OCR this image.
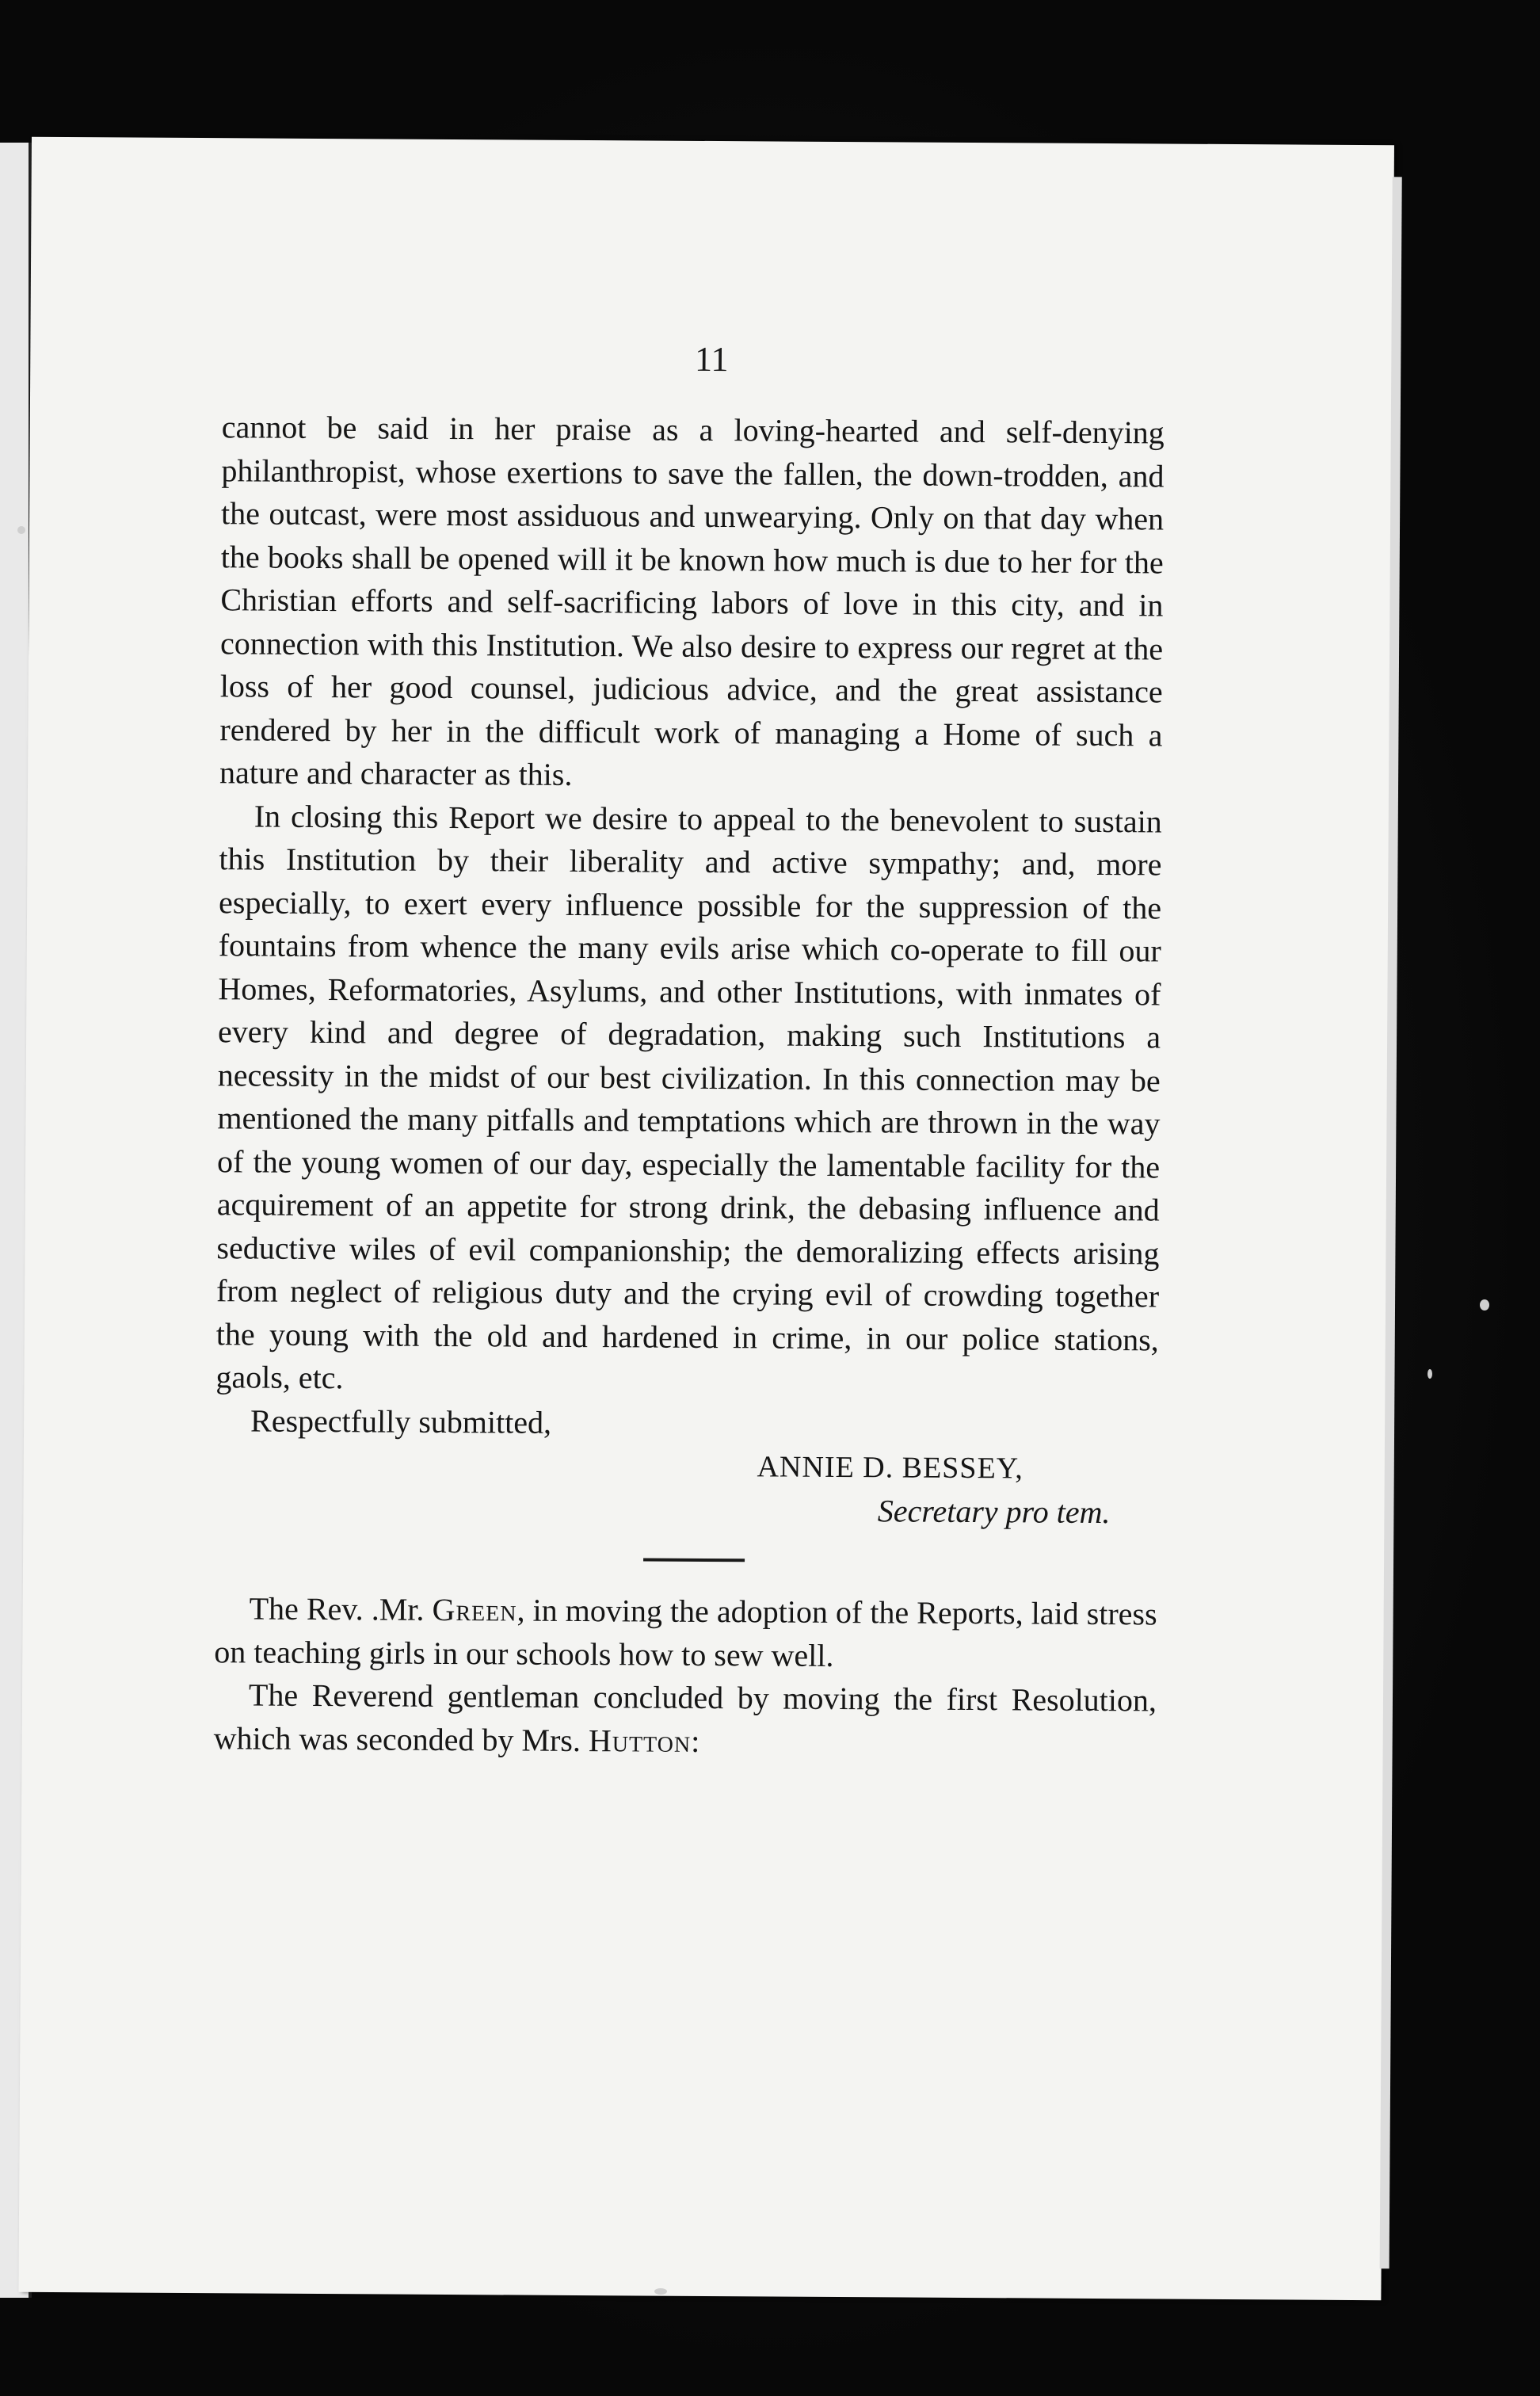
11

cannot be said in her praise as a loving-hearted and self-denying philanthropist, whose exertions to save the fallen, the down-trodden, and the outcast, were most assiduous and unwearying. Only on that day when the books shall be opened will it be known how much is due to her for the Christian efforts and self-sacrificing labors of love in this city, and in connection with this Institution. We also desire to express our regret at the loss of her good counsel, judicious advice, and the great assistance rendered by her in the difficult work of managing a Home of such a nature and character as this.

In closing this Report we desire to appeal to the benevolent to sustain this Institution by their liberality and active sympathy; and, more especially, to exert every influence possible for the suppression of the fountains from whence the many evils arise which co-operate to fill our Homes, Reformatories, Asylums, and other Institutions, with inmates of every kind and degree of degradation, making such Institutions a necessity in the midst of our best civilization. In this connection may be mentioned the many pitfalls and temptations which are thrown in the way of the young women of our day, especially the lamentable facility for the acquirement of an appetite for strong drink, the debasing influence and seductive wiles of evil companionship; the demoralizing effects arising from neglect of religious duty and the crying evil of crowding together the young with the old and hardened in crime, in our police stations, gaols, etc.

Respectfully submitted,

ANNIE D. BESSEY,

Secretary pro tem.

The Rev. .Mr. Green, in moving the adoption of the Reports, laid stress on teaching girls in our schools how to sew well.

The Reverend gentleman concluded by moving the first Resolution, which was seconded by Mrs. Hutton:
